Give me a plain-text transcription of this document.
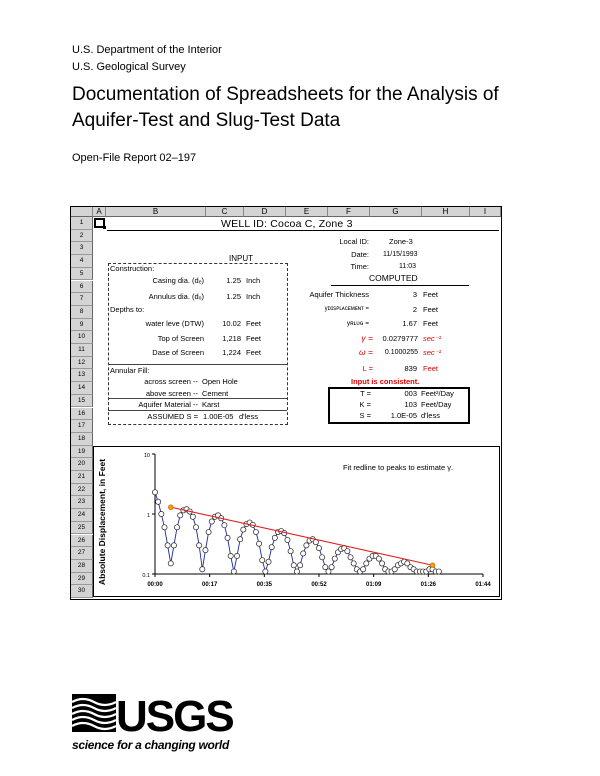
U.S. Department of the Interior
U.S. Geological Survey
Documentation of Spreadsheets for the Analysis of
Aquifer-Test and Slug-Test Data
Open-File Report 02–197
A	B	C	D	E	F	G	H	I
1
2
3
4
5
6
7
8
9
10
11
12
13
14
15
16
17
18
19
20
21
22
23
24
25
26
27
28
29
30
WELL ID: Cocoa C, Zone 3
INPUT
Construction:
Casing dia. (dₑ)	1.25 Inch
Annulus dia. (dₒ)	1.25 Inch
Depths to:
water leve (DTW)	10.02 Feet
Top of Screen	1,218 Feet
Dase of Screen	1,224 Feet
Annular Fill:
across screen -- Open Hole
above screen -- Cement
Aquifer Material -- Karst
ASSUMED S = 1.00E-05 d'less
Local ID:	Zone-3
Date: 11/15/1993
Time:	11:03
COMPUTED
Aquifer Thickness	3 Feet
yᴅɪꜱᴘʟᴀᴄᴇᴍᴇɴᴛ =	2 Feet
yʀʟᴜɢ =	1.67 Feet
γ =	0.0279777 sec⁻¹
ω =	0.1000255 sec⁻¹
L =	839 Feet
Input is consistent.
T =	003 Feet²/Day
K =	103 Feet/Day
S =	1.0E-05 d'less
Absolute Displacement, in Feet	Fit redline to peaks to estimate γ.
10
1
0.1
00:00	00:17	00:35	00:52	01:09	01:26	01:44
USGS
science for a changing world
